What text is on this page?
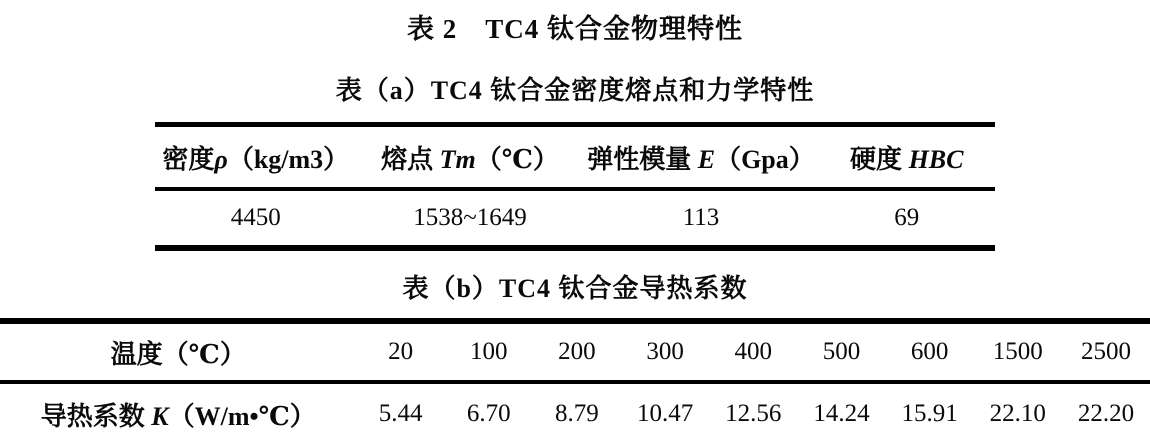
表 2　TC4 钛合金物理特性
表（a）TC4 钛合金密度熔点和力学特性
密度ρ（kg/m3）	熔点 Tm（℃）	弹性模量 E（Gpa）	硬度 HBC
4450	1538~1649	113	69
表（b）TC4 钛合金导热系数
温度（℃）	20	100	200	300	400	500	600	1500	2500
导热系数 K（W/m•℃）	5.44	6.70	8.79	10.47	12.56	14.24	15.91	22.10	22.20
